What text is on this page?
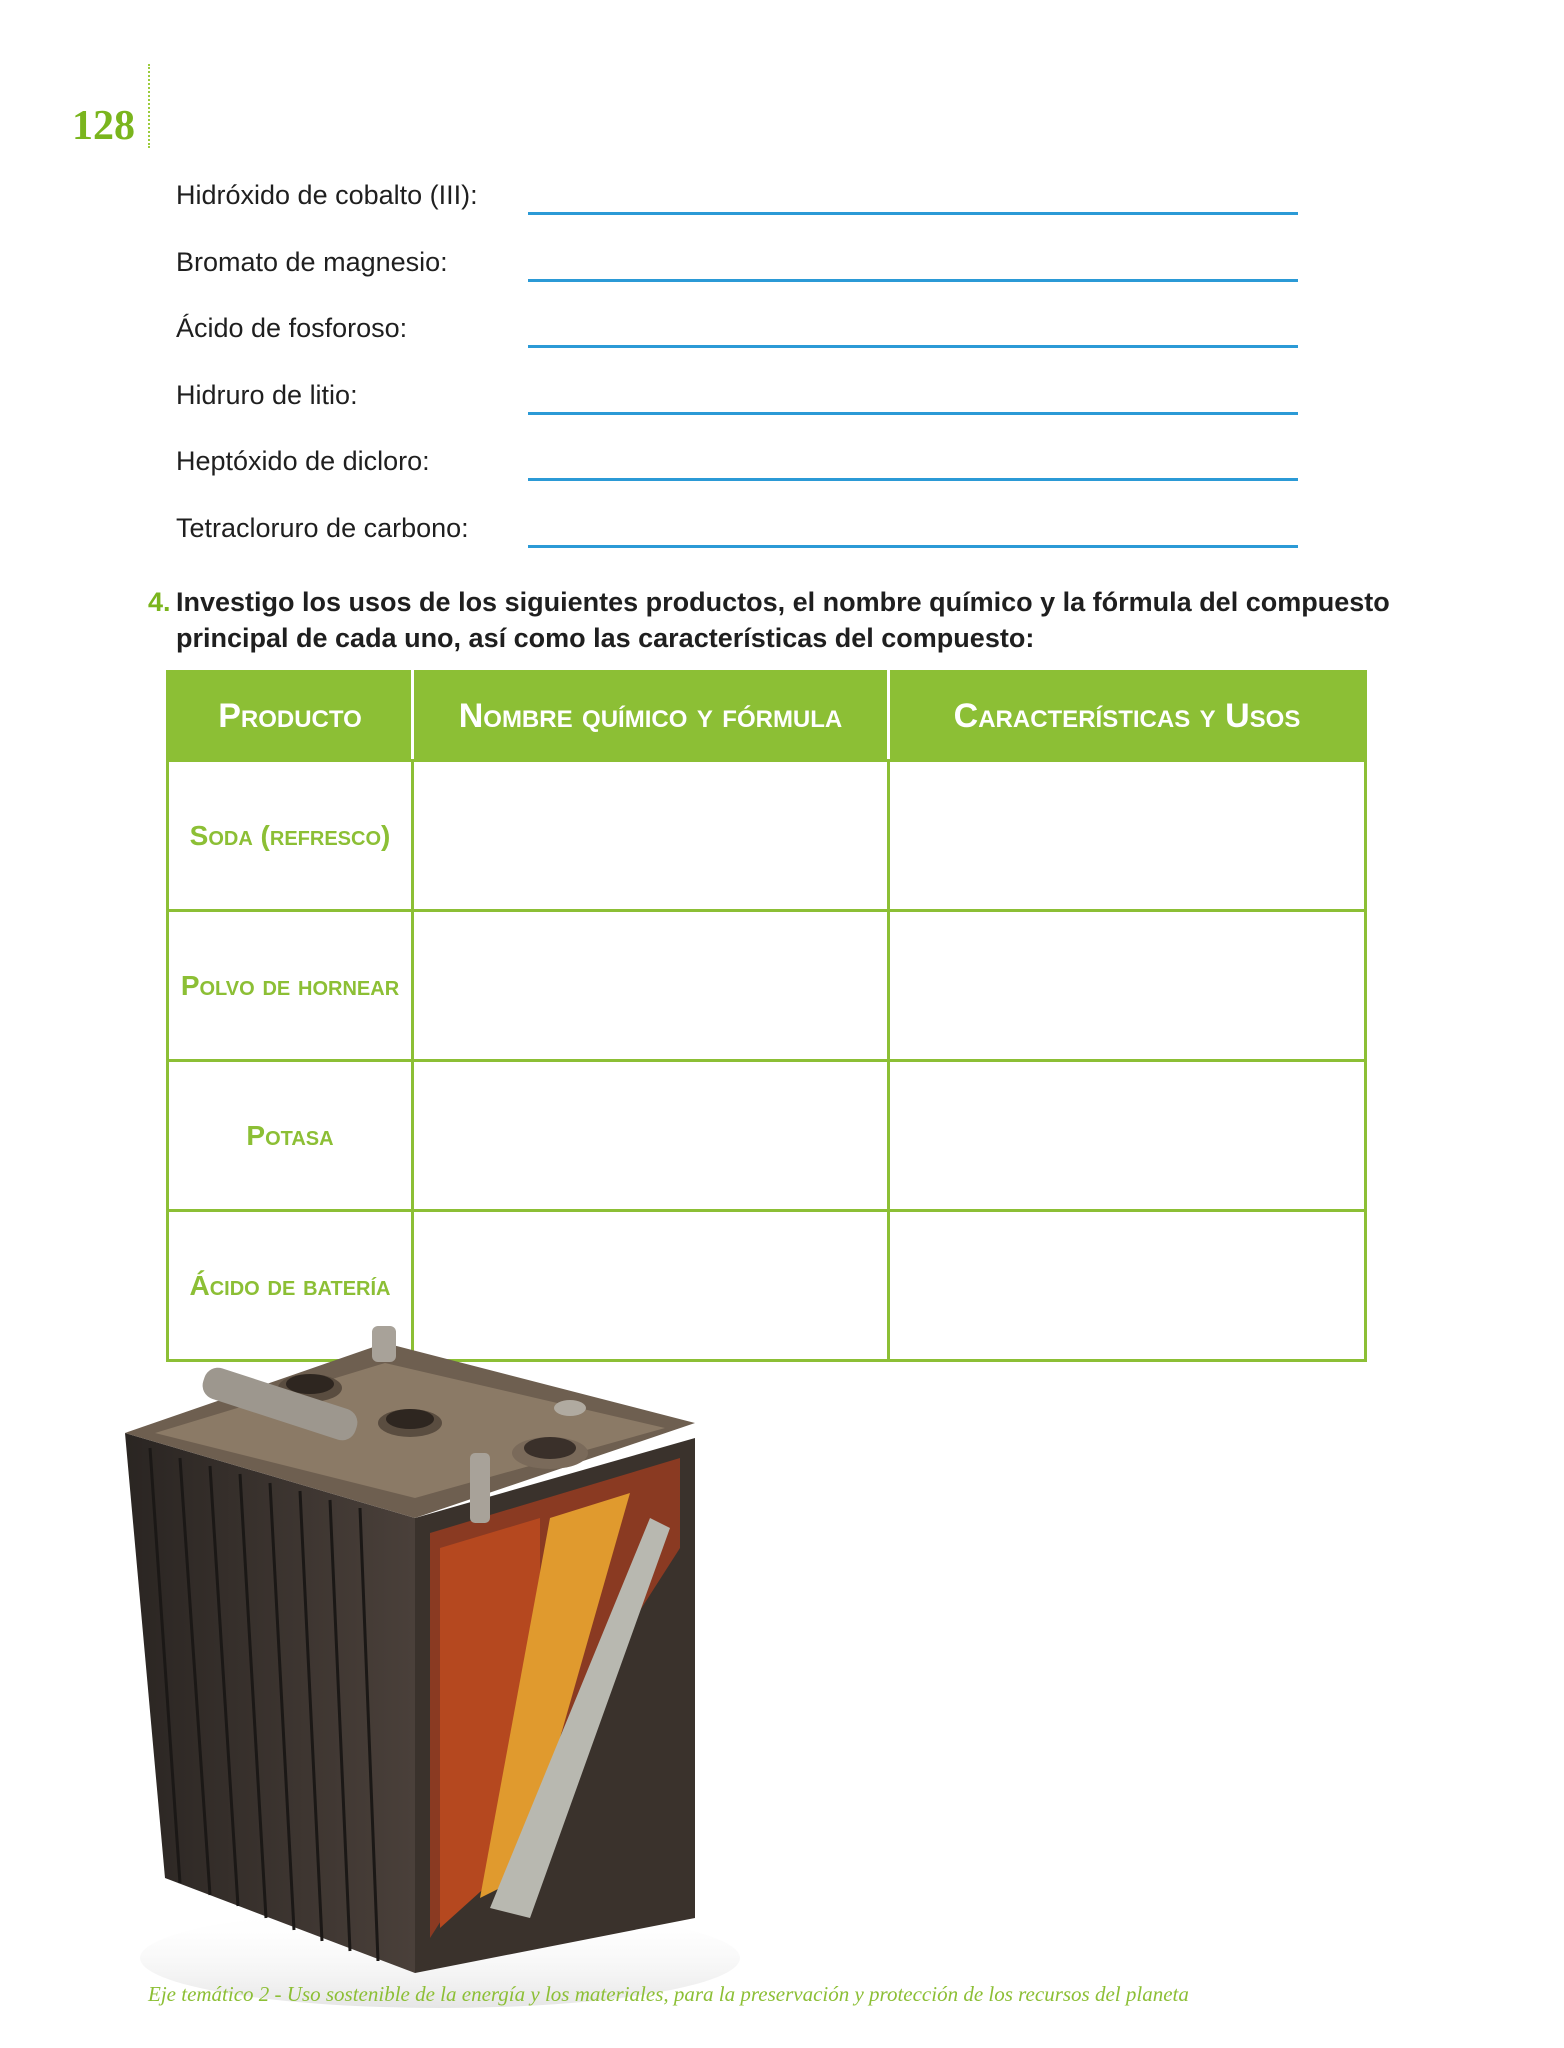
128
Hidróxido de cobalto (III):
Bromato de magnesio:
Ácido de fosforoso:
Hidruro de litio:
Heptóxido de dicloro:
Tetracloruro de carbono:
4. Investigo los usos de los siguientes productos, el nombre químico y la fórmula del compuesto principal de cada uno, así como las características del compuesto:
Producto	Nombre químico y fórmula	Características y Usos
Soda (refresco)		
Polvo de hornear		
Potasa		
Ácido de batería		
Eje temático 2 - Uso sostenible de la energía y los materiales, para la preservación y protección de los recursos del planeta
